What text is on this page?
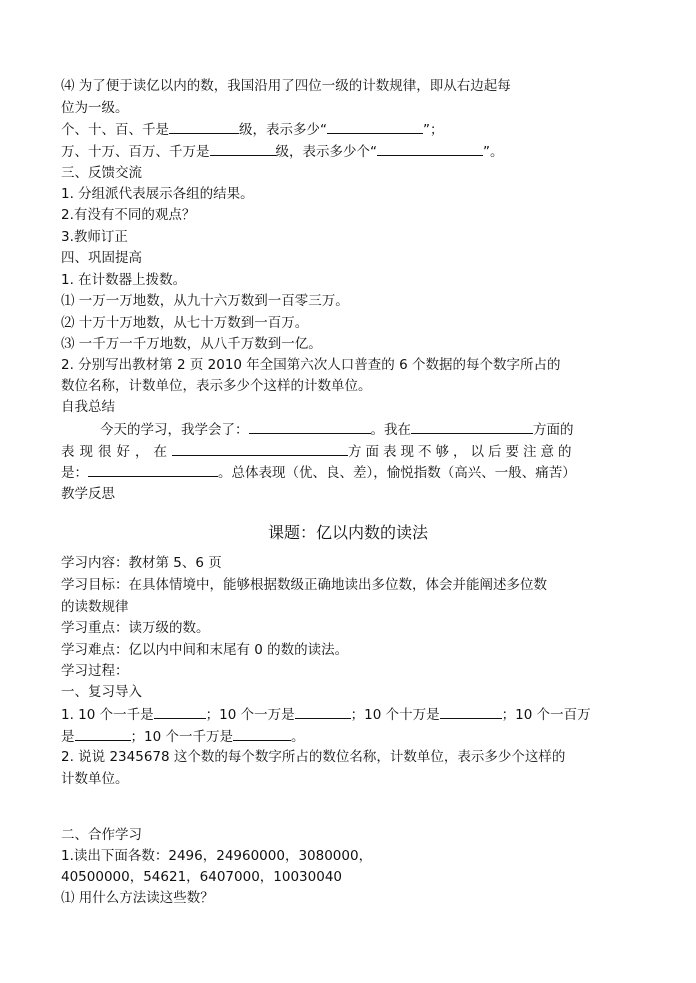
⑷ 为了便于读亿以内的数，我国沿用了四位一级的计数规律，即从右边起每
位为一级。
个、十、百、千是	级，表示多少“	”；
万、十万、百万、千万是	级，表示多少个“	”。
三、反馈交流
1. 分组派代表展示各组的结果。
2.有没有不同的观点？
3.教师订正
四、巩固提高
1. 在计数器上拨数。
⑴ 一万一万地数，从九十六万数到一百零三万。
⑵ 十万十万地数，从七十万数到一百万。
⑶ 一千万一千万地数，从八千万数到一亿。
2. 分别写出教材第 2 页 2010 年全国第六次人口普查的 6 个数据的每个数字所占的
数位名称，计数单位，表示多少个这样的计数单位。
自我总结
今天的学习，我学会了：	。我在	方面的
表现很好，在	方面表现不够，以后要注意的
是：	。总体表现（优、良、差），愉悦指数（高兴、一般、痛苦）
教学反思
课题：亿以内数的读法
学习内容：教材第 5、6 页
学习目标：在具体情境中，能够根据数级正确地读出多位数，体会并能阐述多位数
的读数规律
学习重点：读万级的数。
学习难点：亿以内中间和末尾有 0 的数的读法。
学习过程：
一、复习导入
1. 10 个一千是	；10 个一万是	；10 个十万是	；10 个一百万
是	；10 个一千万是	。
2. 说说 2345678 这个数的每个数字所占的数位名称，计数单位，表示多少个这样的
计数单位。
二、合作学习
1.读出下面各数：2496，24960000，3080000，
40500000，54621，6407000，10030040
⑴ 用什么方法读这些数？
